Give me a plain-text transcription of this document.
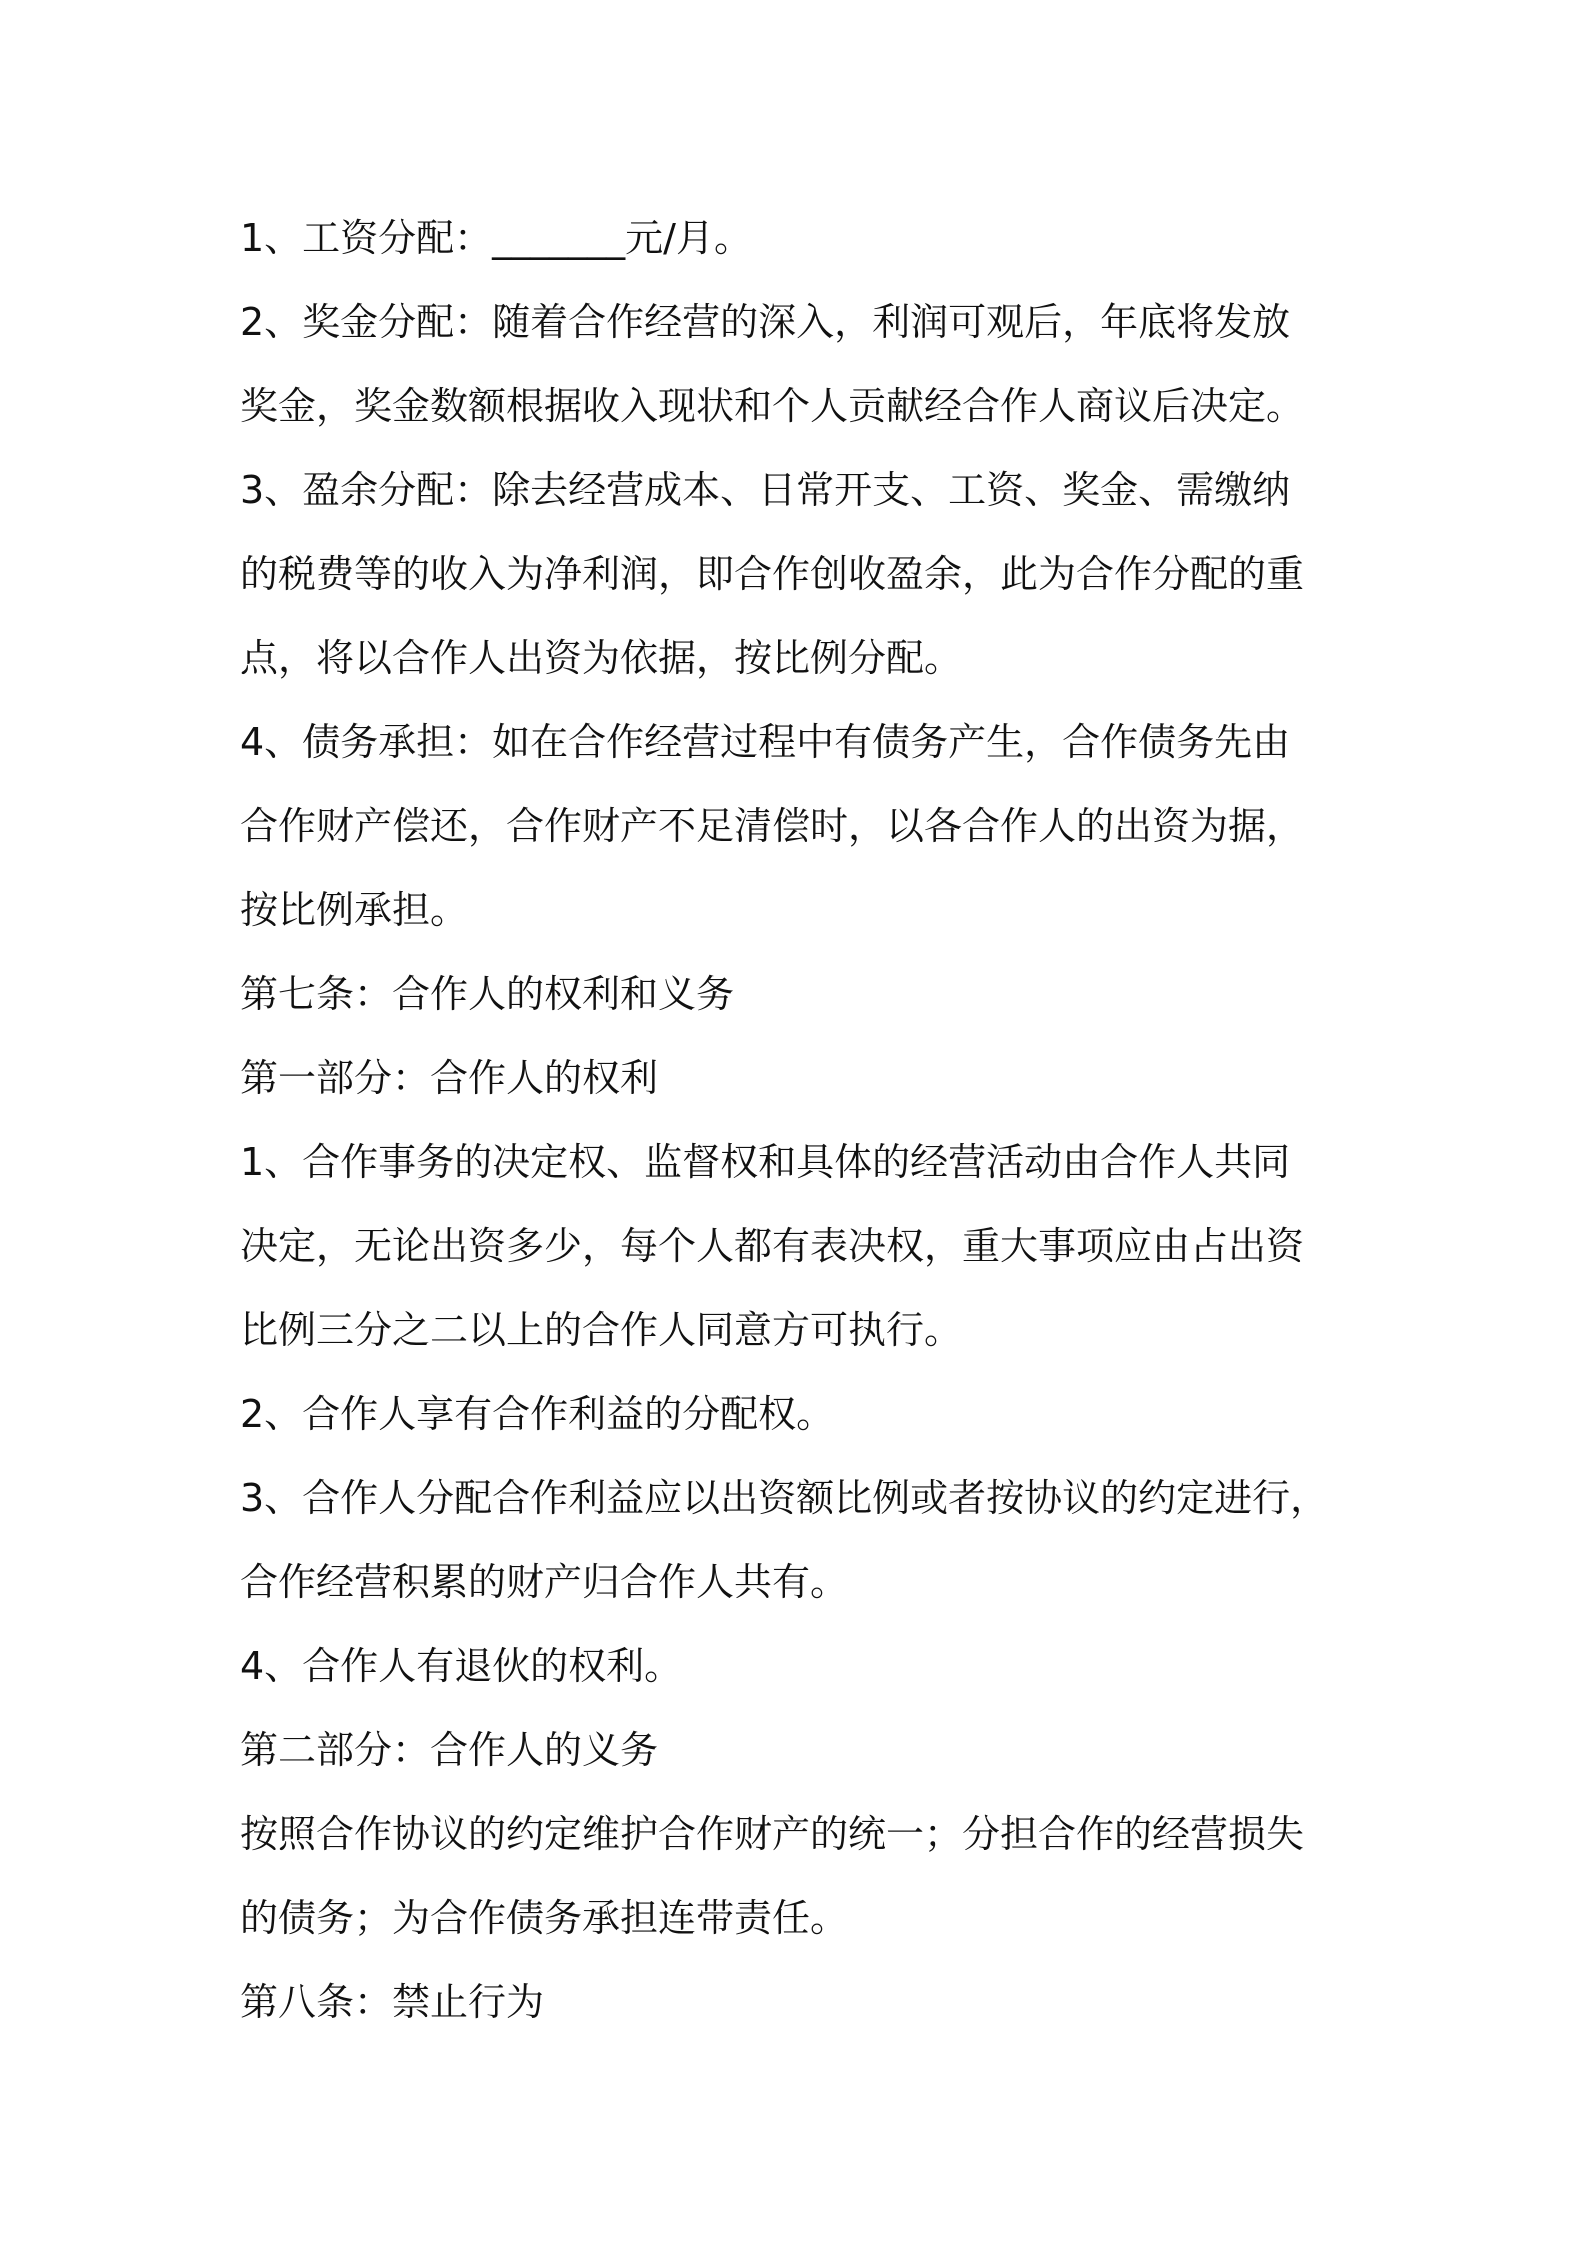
1、工资分配：_______元/月。

2、奖金分配：随着合作经营的深入，利润可观后，年底将发放
奖金，奖金数额根据收入现状和个人贡献经合作人商议后决定。

3、盈余分配：除去经营成本、日常开支、工资、奖金、需缴纳
的税费等的收入为净利润，即合作创收盈余，此为合作分配的重
点，将以合作人出资为依据，按比例分配。

4、债务承担：如在合作经营过程中有债务产生，合作债务先由
合作财产偿还，合作财产不足清偿时，以各合作人的出资为据，
按比例承担。

第七条：合作人的权利和义务

第一部分：合作人的权利

1、合作事务的决定权、监督权和具体的经营活动由合作人共同
决定，无论出资多少，每个人都有表决权，重大事项应由占出资
比例三分之二以上的合作人同意方可执行。

2、合作人享有合作利益的分配权。

3、合作人分配合作利益应以出资额比例或者按协议的约定进行，
合作经营积累的财产归合作人共有。

4、合作人有退伙的权利。

第二部分：合作人的义务

按照合作协议的约定维护合作财产的统一；分担合作的经营损失
的债务；为合作债务承担连带责任。

第八条：禁止行为
